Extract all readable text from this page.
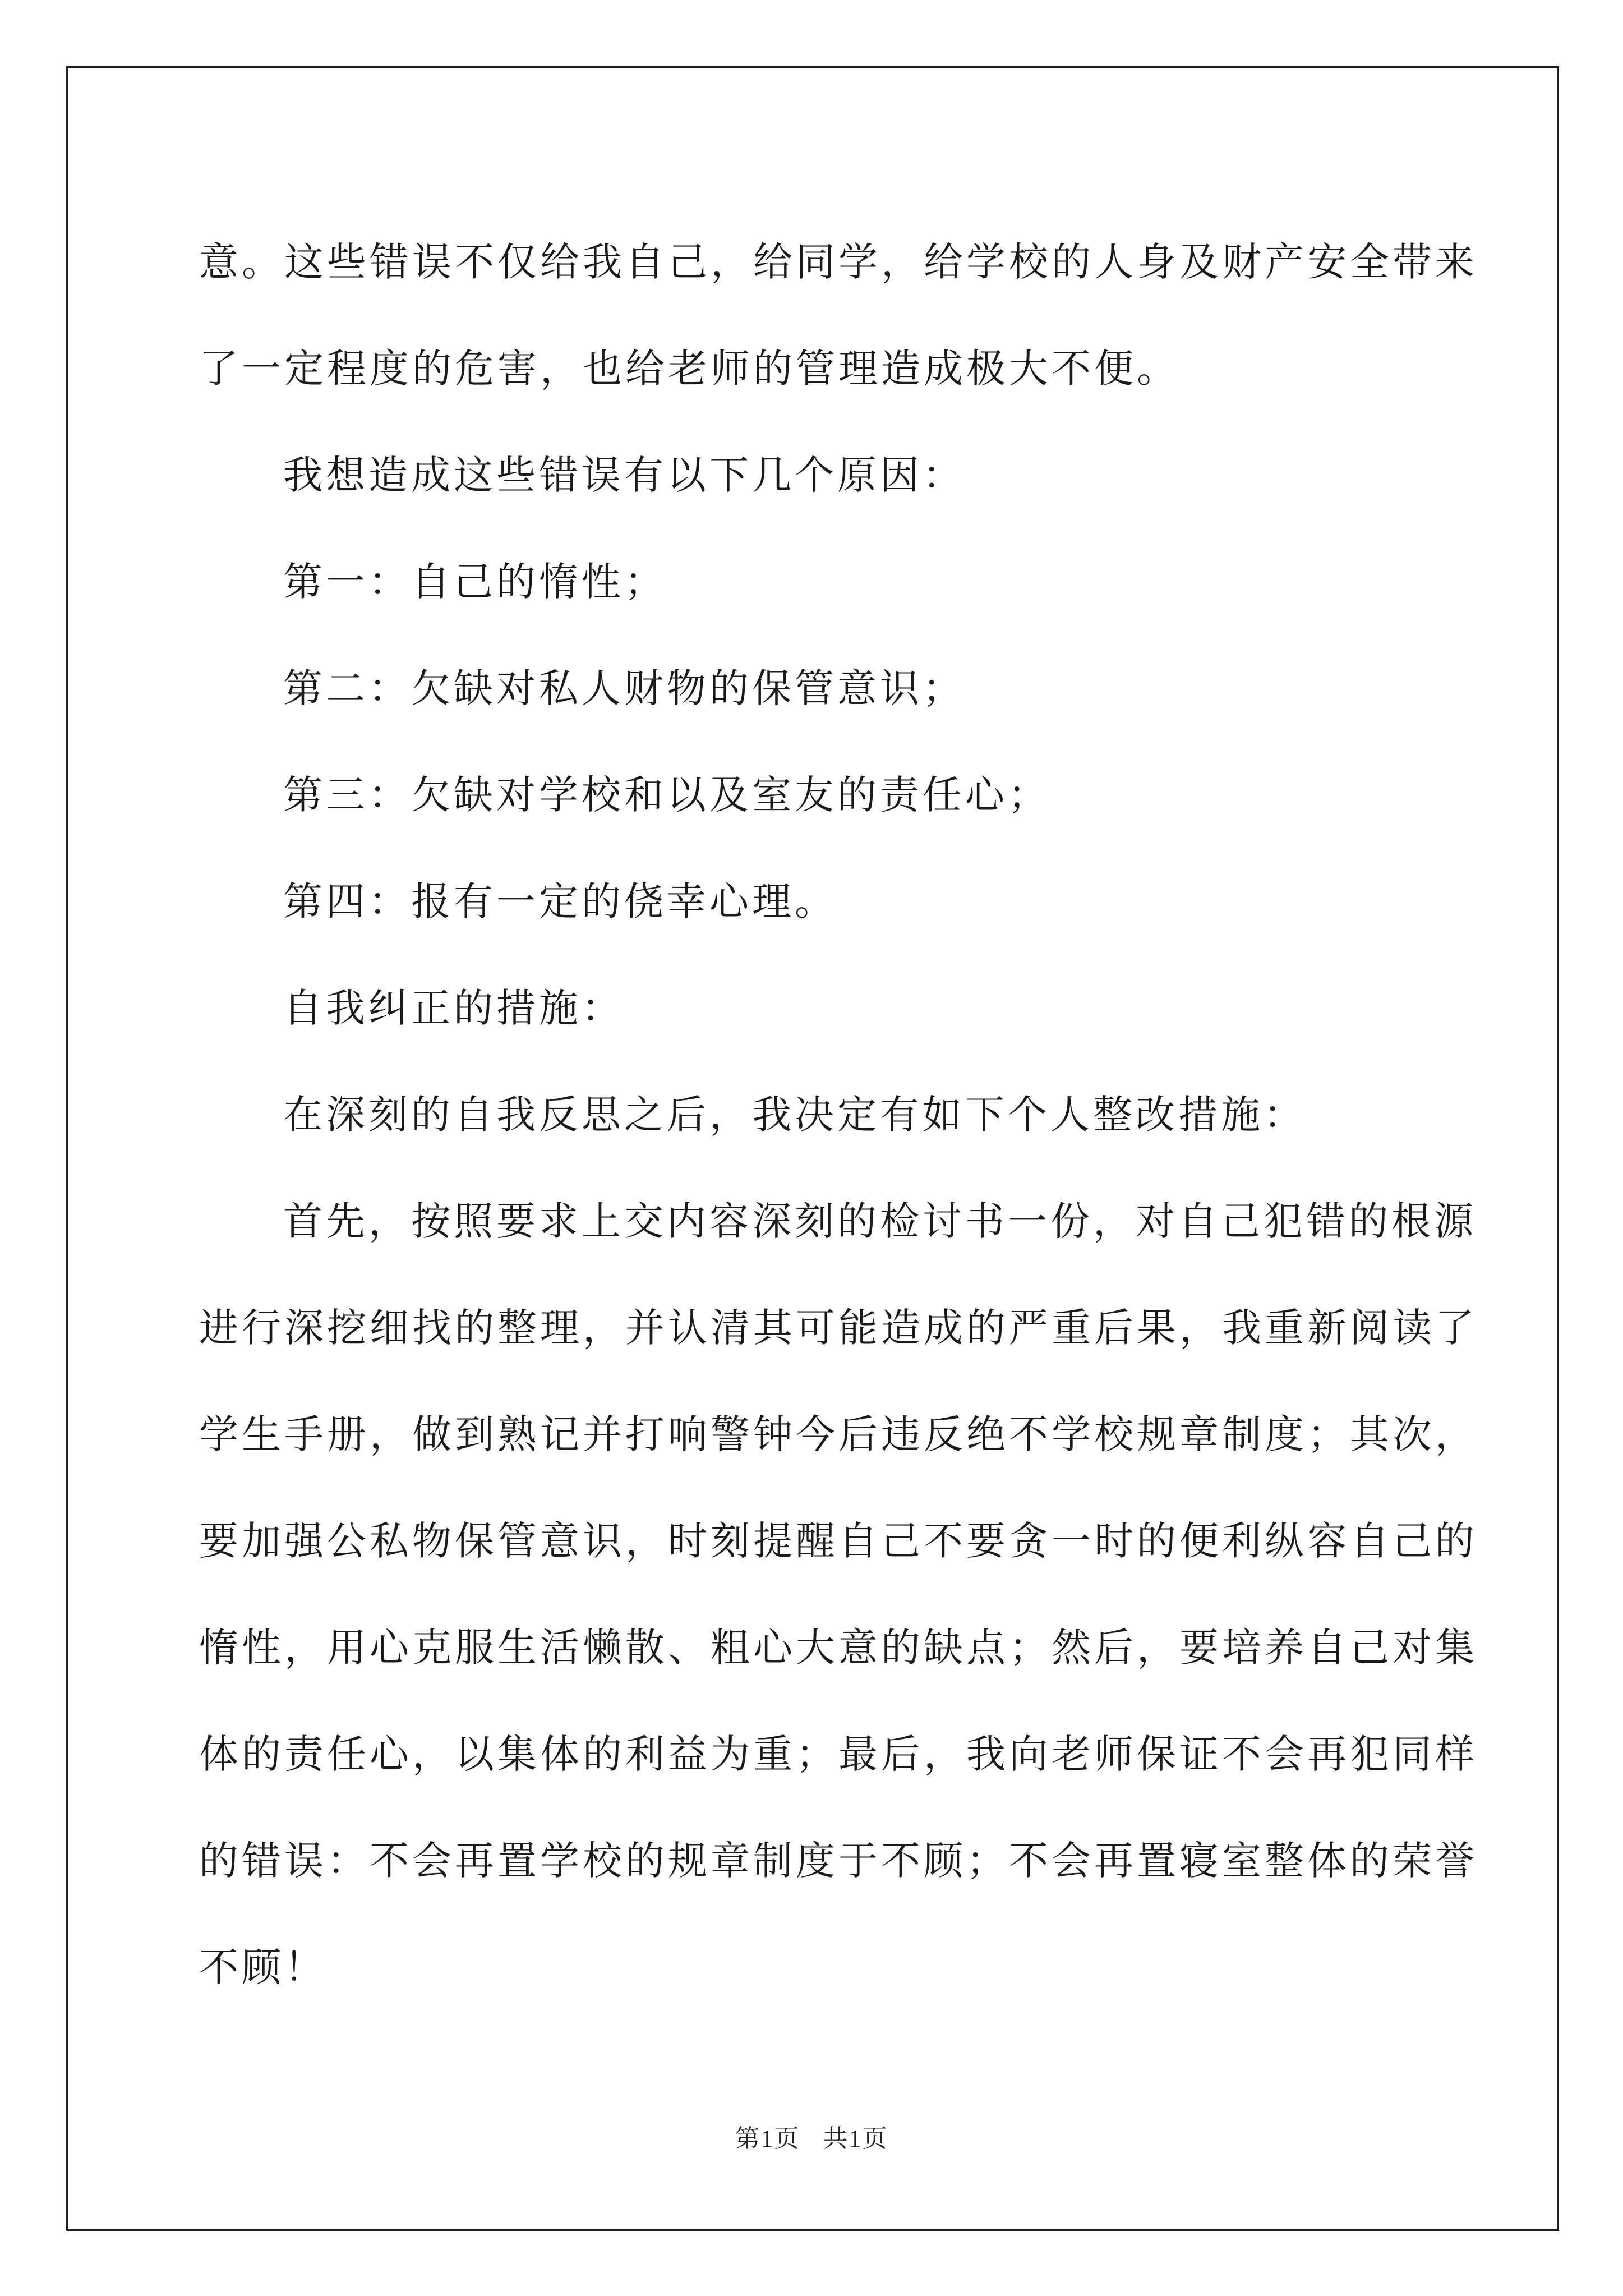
意。这些错误不仅给我自己，给同学，给学校的人身及财产安全带来

了一定程度的危害，也给老师的管理造成极大不便。

我想造成这些错误有以下几个原因：

第一：自己的惰性；

第二：欠缺对私人财物的保管意识；

第三：欠缺对学校和以及室友的责任心；

第四：报有一定的侥幸心理。

自我纠正的措施：

在深刻的自我反思之后，我决定有如下个人整改措施：

首先，按照要求上交内容深刻的检讨书一份，对自己犯错的根源

进行深挖细找的整理，并认清其可能造成的严重后果，我重新阅读了

学生手册，做到熟记并打响警钟今后违反绝不学校规章制度；其次，

要加强公私物保管意识，时刻提醒自己不要贪一时的便利纵容自己的

惰性，用心克服生活懒散、粗心大意的缺点；然后，要培养自己对集

体的责任心，以集体的利益为重；最后，我向老师保证不会再犯同样

的错误：不会再置学校的规章制度于不顾；不会再置寝室整体的荣誉

不顾！

第1页 共1页
